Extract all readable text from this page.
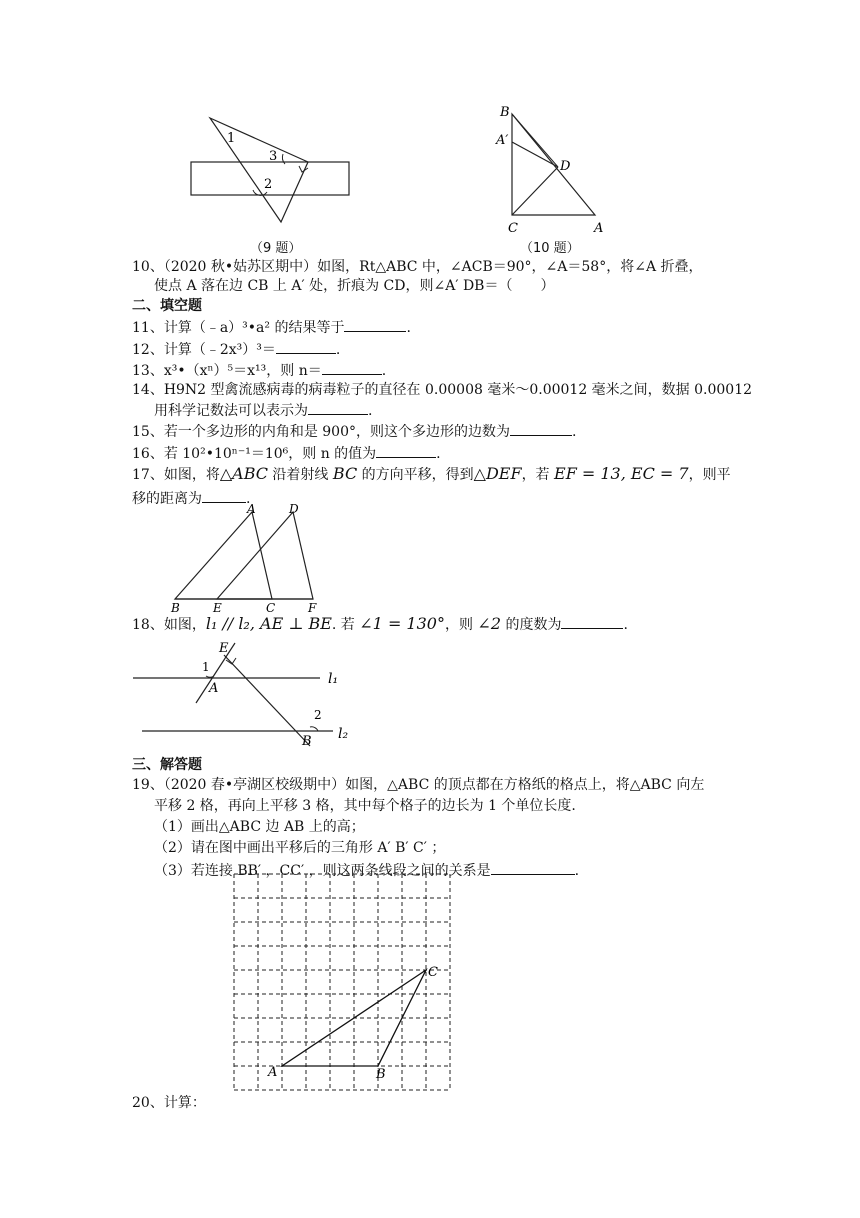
1
3
2
（9 题）
B
A′
D
C	A
（10 题）
10、（2020 秋•姑苏区期中）如图，Rt△ABC 中，∠ACB＝90°，∠A＝58°，将∠A 折叠，
使点 A 落在边 CB 上 A′ 处，折痕为 CD，则∠A′ DB＝（　　）
二、填空题
11、计算（﹣a）³•a² 的结果等于	.
12、计算（﹣2x³）³＝	.
13、x³•（xⁿ）⁵＝x¹³，则 n＝	.
14、H9N2 型禽流感病毒的病毒粒子的直径在 0.00008 毫米～0.00012 毫米之间，数据 0.00012
用科学记数法可以表示为	.
15、若一个多边形的内角和是 900°，则这个多边形的边数为	.
16、若 10²•10ⁿ⁻¹＝10⁶，则 n 的值为	.
17、如图，将△ABC 沿着射线 BC 的方向平移，得到△DEF，若 EF = 13, EC = 7，则平
移的距离为	.
A	D
B	E	C	F
18、如图，l₁ // l₂, AE ⊥ BE. 若 ∠1 = 130°，则 ∠2 的度数为	.
E
1
A
2
B
l₁
l₂
三、解答题
19、（2020 春•亭湖区校级期中）如图，△ABC 的顶点都在方格纸的格点上，将△ABC 向左
平移 2 格，再向上平移 3 格，其中每个格子的边长为 1 个单位长度.
（1）画出△ABC 边 AB 上的高；
（2）请在图中画出平移后的三角形 A′ B′ C′ ；
（3）若连接 BB′ ，CC′ ，则这两条线段之间的关系是	.
A	B
C
20、计算：
